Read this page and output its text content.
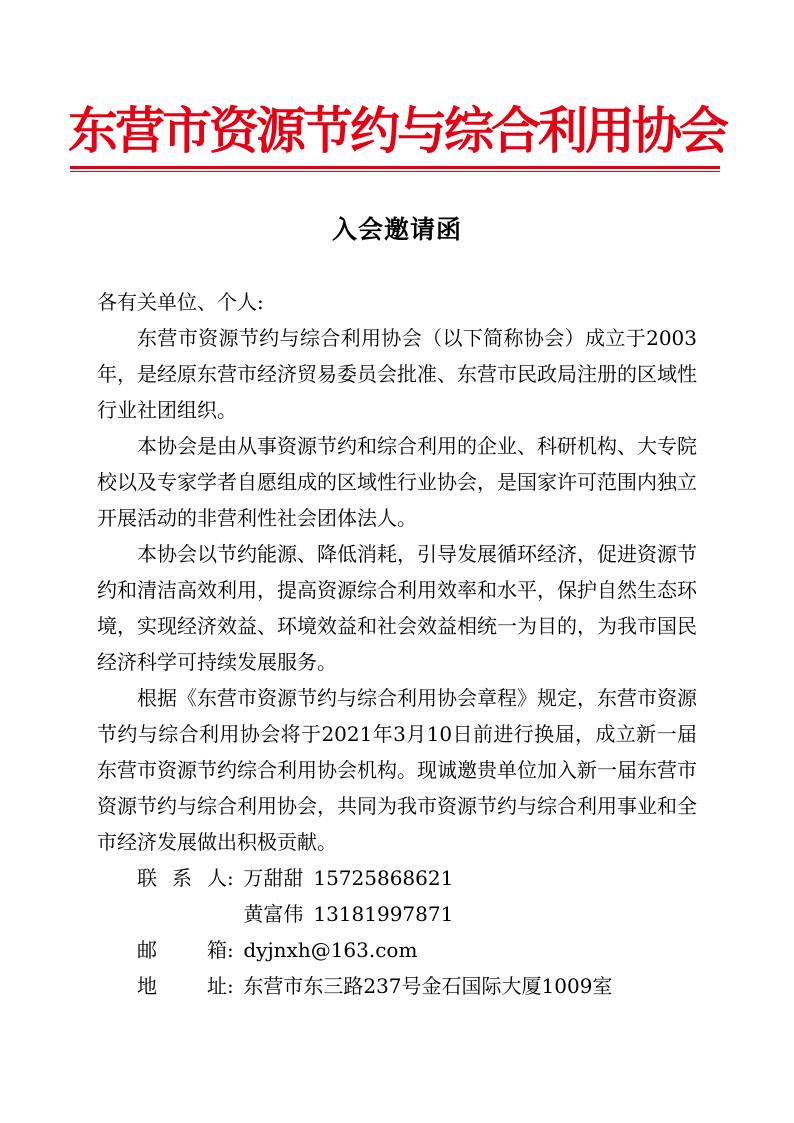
东营市资源节约与综合利用协会
入会邀请函

各有关单位、个人:

东营市资源节约与综合利用协会（以下简称协会）成立于2003年，是经原东营市经济贸易委员会批准、东营市民政局注册的区域性行业社团组织。

本协会是由从事资源节约和综合利用的企业、科研机构、大专院校以及专家学者自愿组成的区域性行业协会，是国家许可范围内独立开展活动的非营利性社会团体法人。

本协会以节约能源、降低消耗，引导发展循环经济，促进资源节约和清洁高效利用，提高资源综合利用效率和水平，保护自然生态环境，实现经济效益、环境效益和社会效益相统一为目的，为我市国民经济科学可持续发展服务。

根据《东营市资源节约与综合利用协会章程》规定，东营市资源节约与综合利用协会将于2021年3月10日前进行换届，成立新一届东营市资源节约综合利用协会机构。现诚邀贵单位加入新一届东营市资源节约与综合利用协会，共同为我市资源节约与综合利用事业和全市经济发展做出积极贡献。

联系人: 万甜甜 15725868621
黄富伟 13181997871
邮　箱: dyjnxh@163.com
地　址: 东营市东三路237号金石国际大厦1009室
